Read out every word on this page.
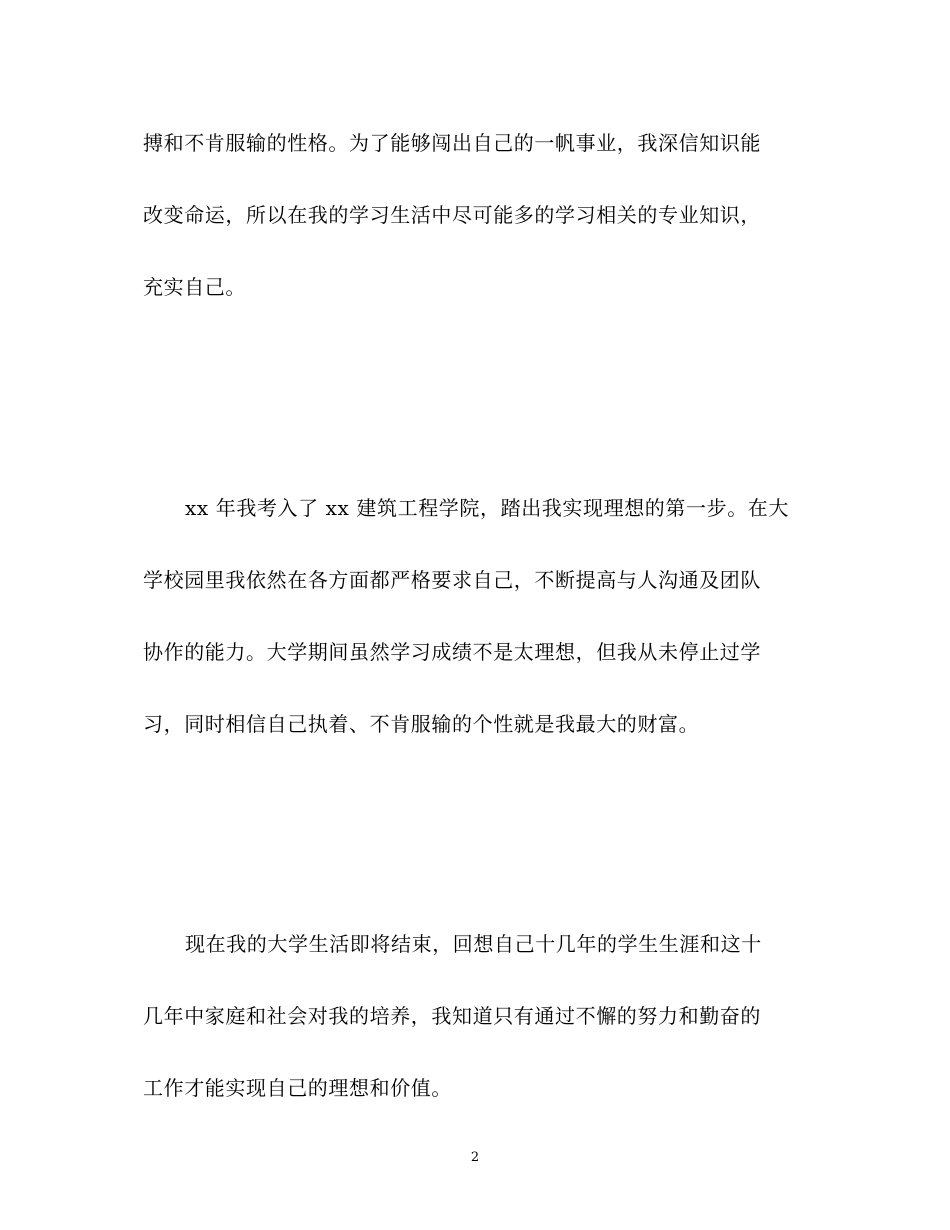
搏和不肯服输的性格。为了能够闯出自己的一帆事业，我深信知识能
改变命运，所以在我的学习生活中尽可能多的学习相关的专业知识，
充实自己。
xx 年我考入了 xx 建筑工程学院，踏出我实现理想的第一步。在大
学校园里我依然在各方面都严格要求自己，不断提高与人沟通及团队
协作的能力。大学期间虽然学习成绩不是太理想，但我从未停止过学
习，同时相信自己执着、不肯服输的个性就是我最大的财富。
现在我的大学生活即将结束，回想自己十几年的学生生涯和这十
几年中家庭和社会对我的培养，我知道只有通过不懈的努力和勤奋的
工作才能实现自己的理想和价值。
2
